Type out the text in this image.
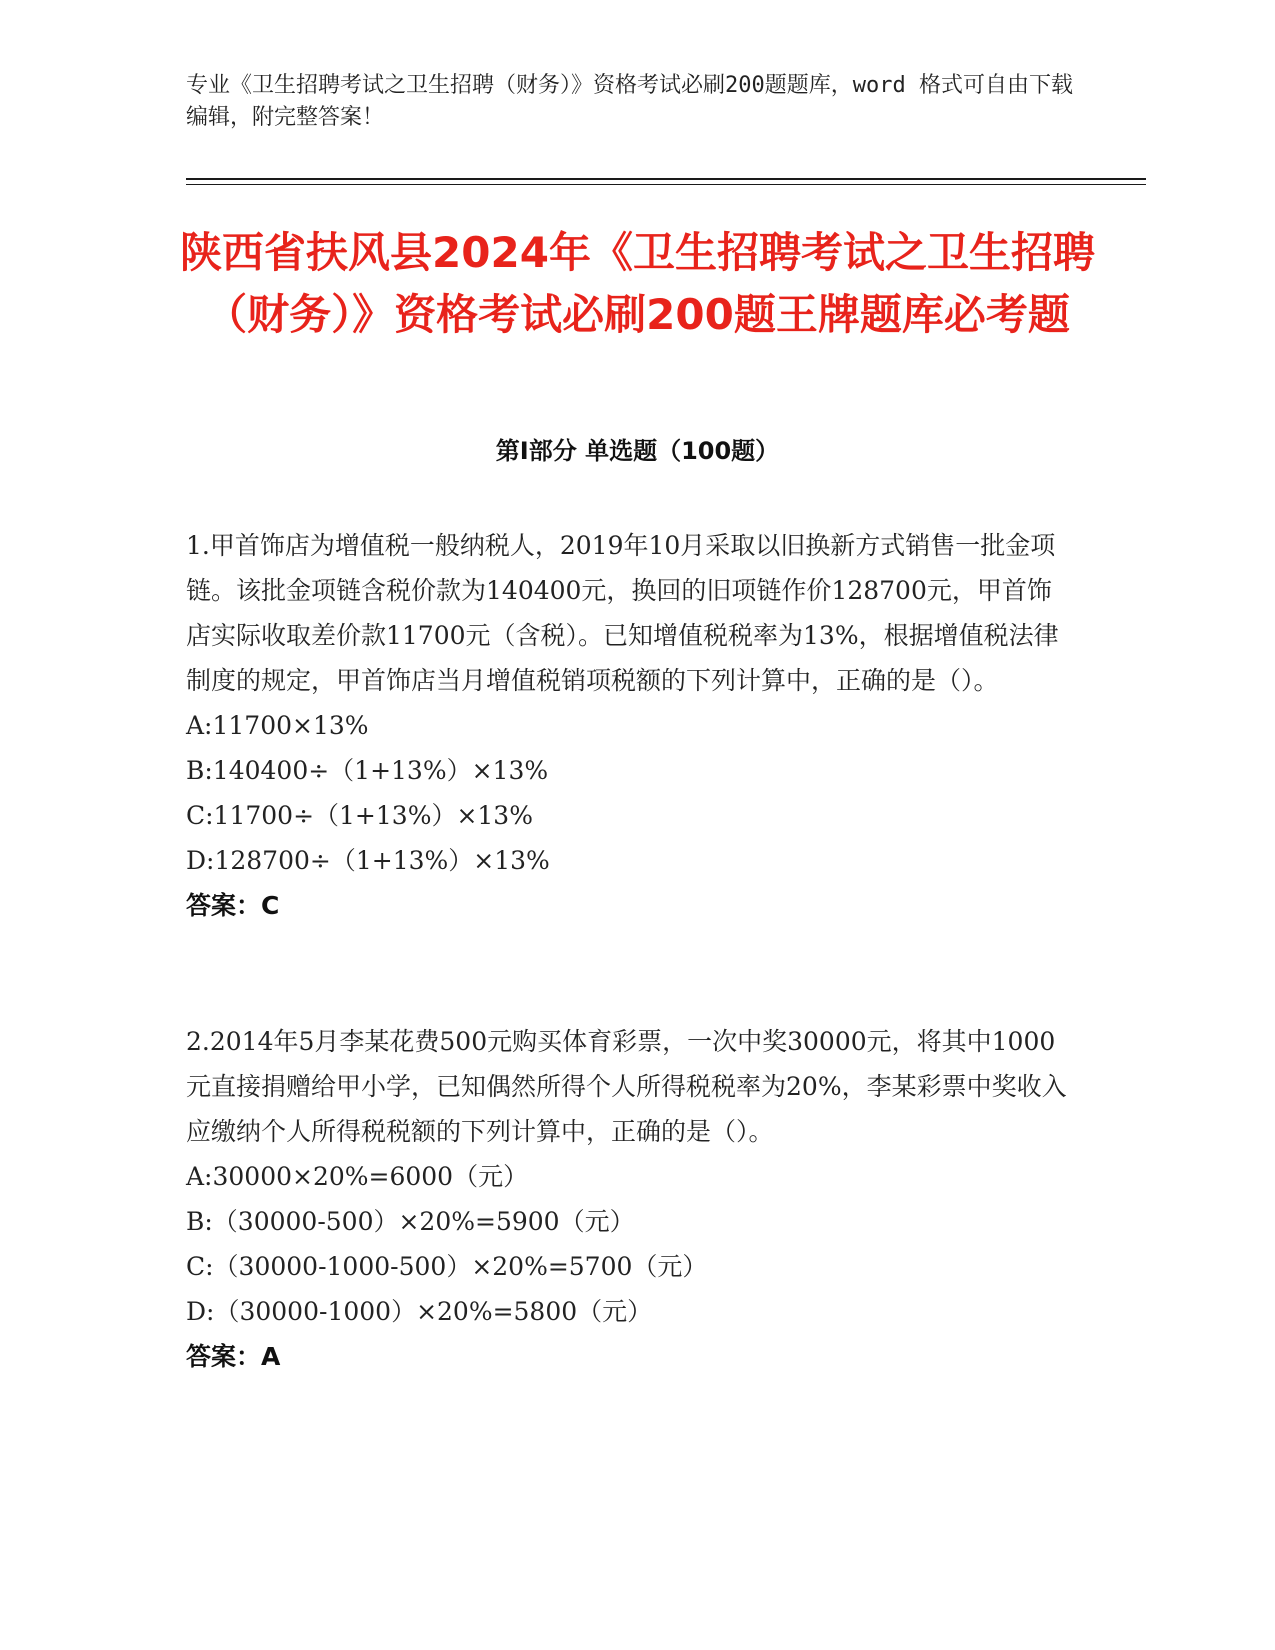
专业《卫生招聘考试之卫生招聘（财务）》资格考试必刷200题题库，word 格式可自由下载编辑，附完整答案！
陕西省扶风县2024年《卫生招聘考试之卫生招聘（财务）》资格考试必刷200题王牌题库必考题
第Ⅰ部分 单选题（100题）

1.甲首饰店为增值税一般纳税人，2019年10月采取以旧换新方式销售一批金项链。该批金项链含税价款为140400元，换回的旧项链作价128700元，甲首饰店实际收取差价款11700元（含税）。已知增值税税率为13%，根据增值税法律制度的规定，甲首饰店当月增值税销项税额的下列计算中，正确的是（）。

A:11700×13%

B:140400÷（1+13%）×13%

C:11700÷（1+13%）×13%

D:128700÷（1+13%）×13%

答案：C

2.2014年5月李某花费500元购买体育彩票，一次中奖30000元，将其中1000元直接捐赠给甲小学，已知偶然所得个人所得税税率为20%，李某彩票中奖收入应缴纳个人所得税税额的下列计算中，正确的是（）。

A:30000×20%=6000（元）

B:（30000-500）×20%=5900（元）

C:（30000-1000-500）×20%=5700（元）

D:（30000-1000）×20%=5800（元）

答案：A
